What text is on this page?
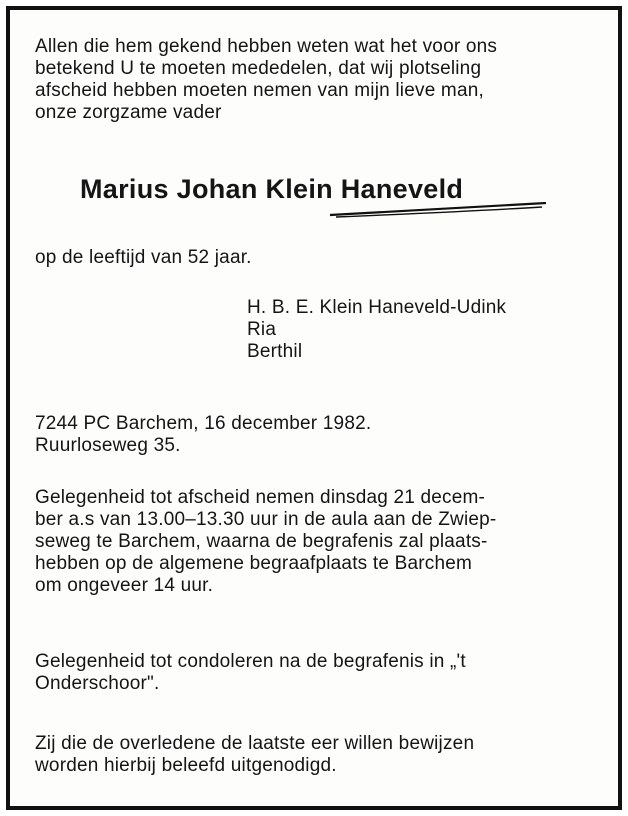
Allen die hem gekend hebben weten wat het voor ons
betekend U te moeten mededelen, dat wij plotseling
afscheid hebben moeten nemen van mijn lieve man,
onze zorgzame vader
Marius Johan Klein Haneveld
op de leeftijd van 52 jaar.
H. B. E. Klein Haneveld-Udink
Ria
Berthil
7244 PC Barchem, 16 december 1982.
Ruurloseweg 35.
Gelegenheid tot afscheid nemen dinsdag 21 decem-
ber a.s van 13.00–13.30 uur in de aula aan de Zwiep-
seweg te Barchem, waarna de begrafenis zal plaats-
hebben op de algemene begraafplaats te Barchem
om ongeveer 14 uur.
Gelegenheid tot condoleren na de begrafenis in „'t
Onderschoor".
Zij die de overledene de laatste eer willen bewijzen
worden hierbij beleefd uitgenodigd.
